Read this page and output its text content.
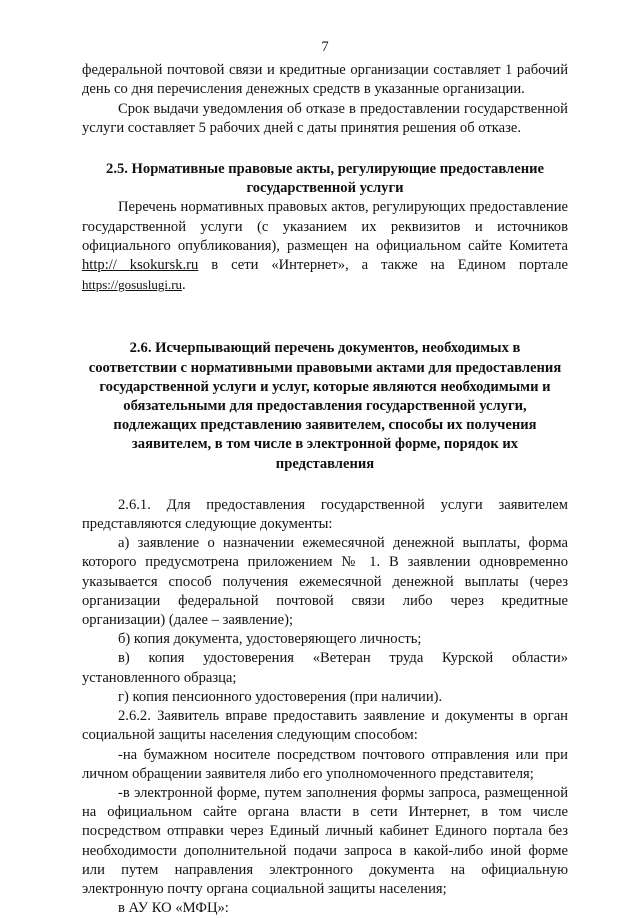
7

федеральной почтовой связи и кредитные организации составляет 1 рабочий день со дня перечисления денежных средств в указанные организации.

Срок выдачи уведомления об отказе в предоставлении государственной услуги составляет 5 рабочих дней с даты принятия решения об отказе.

2.5. Нормативные правовые акты, регулирующие предоставление государственной услуги

Перечень нормативных правовых актов, регулирующих предоставление государственной услуги (с указанием их реквизитов и источников официального опубликования), размещен на официальном сайте Комитета http:// ksokursk.ru в сети «Интернет», а также на Едином портале https://gosuslugi.ru.

2.6. Исчерпывающий перечень документов, необходимых в соответствии с нормативными правовыми актами для предоставления государственной услуги и услуг, которые являются необходимыми и обязательными для предоставления государственной услуги, подлежащих представлению заявителем, способы их получения заявителем, в том числе в электронной форме, порядок их представления

2.6.1. Для предоставления государственной услуги заявителем представляются следующие документы:

а) заявление о назначении ежемесячной денежной выплаты, форма которого предусмотрена приложением № 1. В заявлении одновременно указывается способ получения ежемесячной денежной выплаты (через организации федеральной почтовой связи либо через кредитные организации) (далее – заявление);

б) копия документа, удостоверяющего личность;

в) копия удостоверения «Ветеран труда Курской области» установленного образца;

г) копия пенсионного удостоверения (при наличии).

2.6.2. Заявитель вправе предоставить заявление и документы в орган социальной защиты населения следующим способом:

-на бумажном носителе посредством почтового отправления или при личном обращении заявителя либо его уполномоченного представителя;

-в электронной форме, путем заполнения формы запроса, размещенной на официальном сайте органа власти в сети Интернет, в том числе посредством отправки через Единый личный кабинет Единого портала без необходимости дополнительной подачи запроса в какой-либо иной форме или путем направления электронного документа на официальную электронную почту органа социальной защиты населения;

в АУ КО «МФЦ»:
